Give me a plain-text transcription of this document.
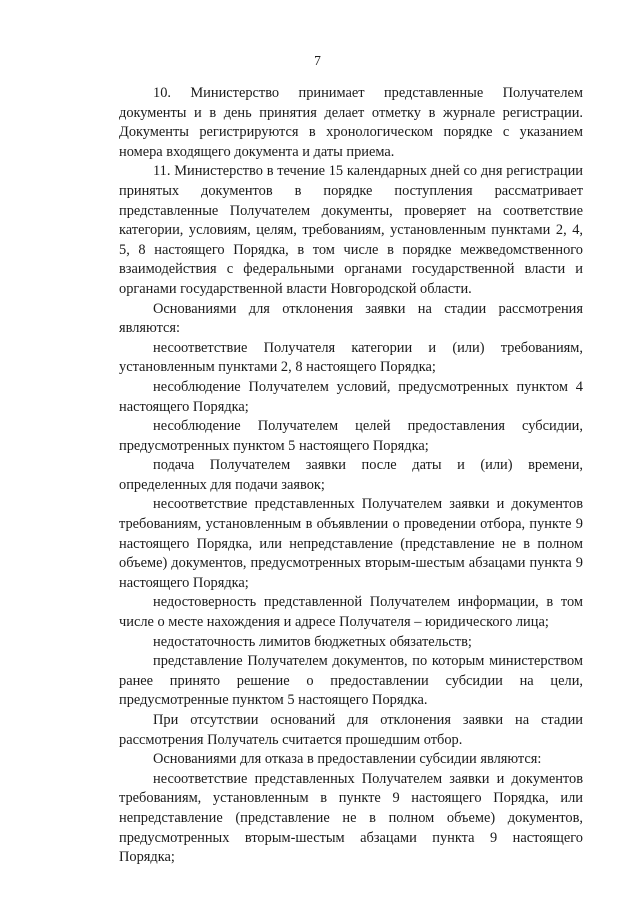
7

10. Министерство принимает представленные Получателем документы и в день принятия делает отметку в журнале регистрации. Документы регистрируются в хронологическом порядке с указанием номера входящего документа и даты приема.

11. Министерство в течение 15 календарных дней со дня регистрации принятых документов в порядке поступления рассматривает представленные Получателем документы, проверяет на соответствие категории, условиям, целям, требованиям, установленным пунктами 2, 4, 5, 8 настоящего Порядка, в том числе в порядке межведомственного взаимодействия с федеральными органами государственной власти и органами государственной власти Новгородской области.

Основаниями для отклонения заявки на стадии рассмотрения являются:

несоответствие Получателя категории и (или) требованиям, установленным пунктами 2, 8 настоящего Порядка;

несоблюдение Получателем условий, предусмотренных пунктом 4 настоящего Порядка;

несоблюдение Получателем целей предоставления субсидии, предусмотренных пунктом 5 настоящего Порядка;

подача Получателем заявки после даты и (или) времени, определенных для подачи заявок;

несоответствие представленных Получателем заявки и документов требованиям, установленным в объявлении о проведении отбора, пункте 9 настоящего Порядка, или непредставление (представление не в полном объеме) документов, предусмотренных вторым-шестым абзацами пункта 9 настоящего Порядка;

недостоверность представленной Получателем информации, в том числе о месте нахождения и адресе Получателя – юридического лица;

недостаточность лимитов бюджетных обязательств;

представление Получателем документов, по которым министерством ранее принято решение о предоставлении субсидии на цели, предусмотренные пунктом 5 настоящего Порядка.

При отсутствии оснований для отклонения заявки на стадии рассмотрения Получатель считается прошедшим отбор.

Основаниями для отказа в предоставлении субсидии являются:

несоответствие представленных Получателем заявки и документов требованиям, установленным в пункте 9 настоящего Порядка, или непредставление (представление не в полном объеме) документов, предусмотренных вторым-шестым абзацами пункта 9 настоящего Порядка;
